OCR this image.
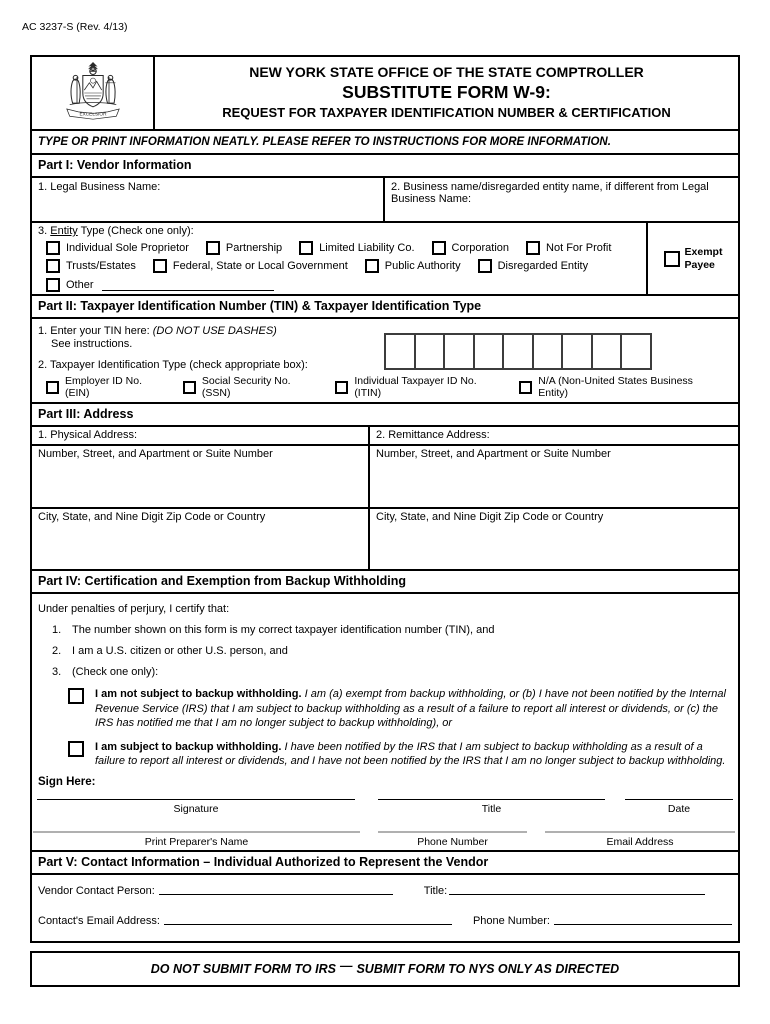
AC 3237-S (Rev. 4/13)
EXCELSIOR
NEW YORK STATE OFFICE OF THE STATE COMPTROLLER
SUBSTITUTE FORM W-9:
REQUEST FOR TAXPAYER IDENTIFICATION NUMBER & CERTIFICATION
TYPE OR PRINT INFORMATION NEATLY. PLEASE REFER TO INSTRUCTIONS FOR MORE INFORMATION.
Part I: Vendor Information
1. Legal Business Name:	2. Business name/disregarded entity name, if different from Legal Business Name:
3. Entity Type (Check one only):
Individual Sole Proprietor	Partnership	Limited Liability Co.	Corporation	Not For Profit
Trusts/Estates	Federal, State or Local Government	Public Authority	Disregarded Entity
Other
Exempt
Payee
Part II: Taxpayer Identification Number (TIN) & Taxpayer Identification Type
1. Enter your TIN here: (DO NOT USE DASHES)
See instructions.
2. Taxpayer Identification Type (check appropriate box):
Employer ID No. (EIN)
Social Security No. (SSN)
Individual Taxpayer ID No. (ITIN)
N/A (Non-United States Business Entity)
Part III: Address
1. Physical Address:	2. Remittance Address:
Number, Street, and Apartment or Suite Number	Number, Street, and Apartment or Suite Number
City, State, and Nine Digit Zip Code or Country	City, State, and Nine Digit Zip Code or Country
Part IV: Certification and Exemption from Backup Withholding
Under penalties of perjury, I certify that:
1. The number shown on this form is my correct taxpayer identification number (TIN), and
2. I am a U.S. citizen or other U.S. person, and
3. (Check one only):
I am not subject to backup withholding. I am (a) exempt from backup withholding, or (b) I have not been notified by the Internal Revenue Service (IRS) that I am subject to backup withholding as a result of a failure to report all interest or dividends, or (c) the IRS has notified me that I am no longer subject to backup withholding), or
I am subject to backup withholding. I have been notified by the IRS that I am subject to backup withholding as a result of a failure to report all interest or dividends, and I have not been notified by the IRS that I am no longer subject to backup withholding.
Sign Here:
Signature	Title	Date
Print Preparer's Name	Phone Number	Email Address
Part V: Contact Information – Individual Authorized to Represent the Vendor
Vendor Contact Person:	Title:
Contact's Email Address:	Phone Number:
DO NOT SUBMIT FORM TO IRS — SUBMIT FORM TO NYS ONLY AS DIRECTED
